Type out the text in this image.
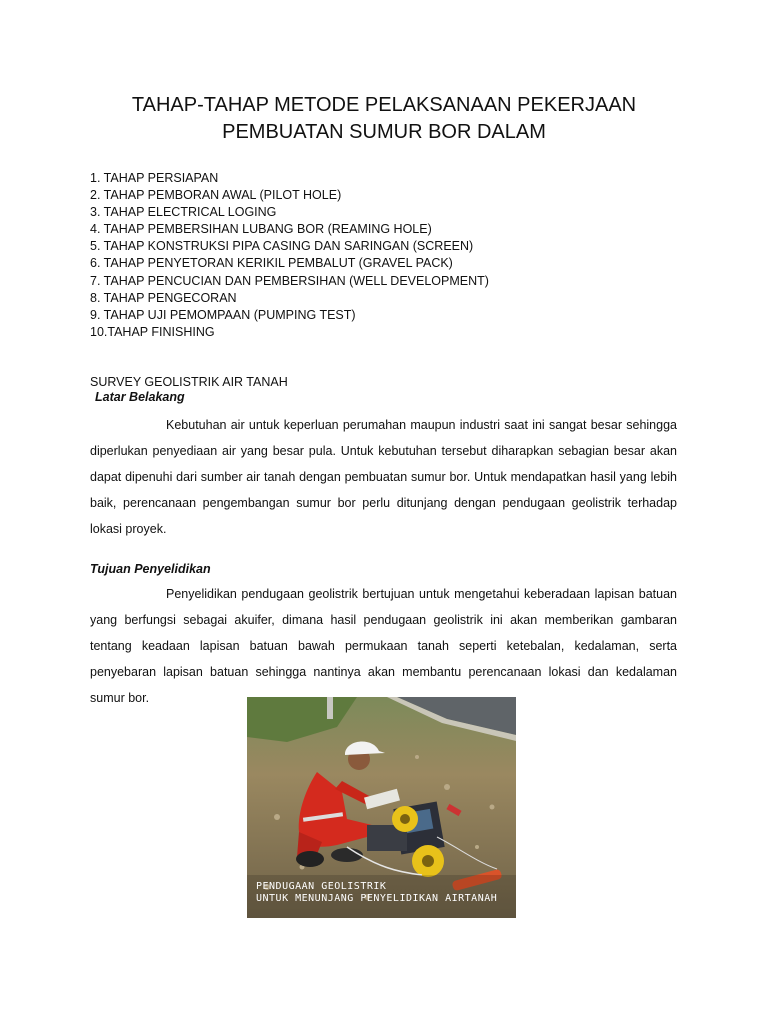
TAHAP-TAHAP METODE PELAKSANAAN PEKERJAAN
PEMBUATAN SUMUR BOR DALAM
1. TAHAP PERSIAPAN
2. TAHAP PEMBORAN AWAL (PILOT HOLE)
3. TAHAP ELECTRICAL LOGING
4. TAHAP PEMBERSIHAN LUBANG BOR (REAMING HOLE)
5. TAHAP KONSTRUKSI PIPA CASING DAN SARINGAN (SCREEN)
6. TAHAP PENYETORAN KERIKIL PEMBALUT (GRAVEL PACK)
7. TAHAP PENCUCIAN DAN PEMBERSIHAN (WELL DEVELOPMENT)
8. TAHAP PENGECORAN
9. TAHAP UJI PEMOMPAAN (PUMPING TEST)
10.TAHAP FINISHING
SURVEY GEOLISTRIK AIR TANAH
Latar Belakang

Kebutuhan air untuk keperluan perumahan maupun industri saat ini sangat besar sehingga diperlukan penyediaan air yang besar pula. Untuk kebutuhan tersebut diharapkan sebagian besar akan dapat dipenuhi dari sumber air tanah dengan pembuatan sumur bor. Untuk mendapatkan hasil yang lebih baik, perencanaan pengembangan sumur bor perlu ditunjang dengan pendugaan geolistrik terhadap lokasi proyek.

Tujuan Penyelidikan

Penyelidikan pendugaan geolistrik bertujuan untuk mengetahui keberadaan lapisan batuan yang berfungsi sebagai akuifer, dimana hasil pendugaan geolistrik ini akan memberikan gambaran tentang keadaan lapisan batuan bawah permukaan tanah seperti ketebalan, kedalaman, serta penyebaran lapisan batuan sehingga nantinya akan membantu perencanaan lokasi dan kedalaman sumur bor.

PENDUGAAN GEOLISTRIK
UNTUK MENUNJANG PENYELIDIKAN AIRTANAH
